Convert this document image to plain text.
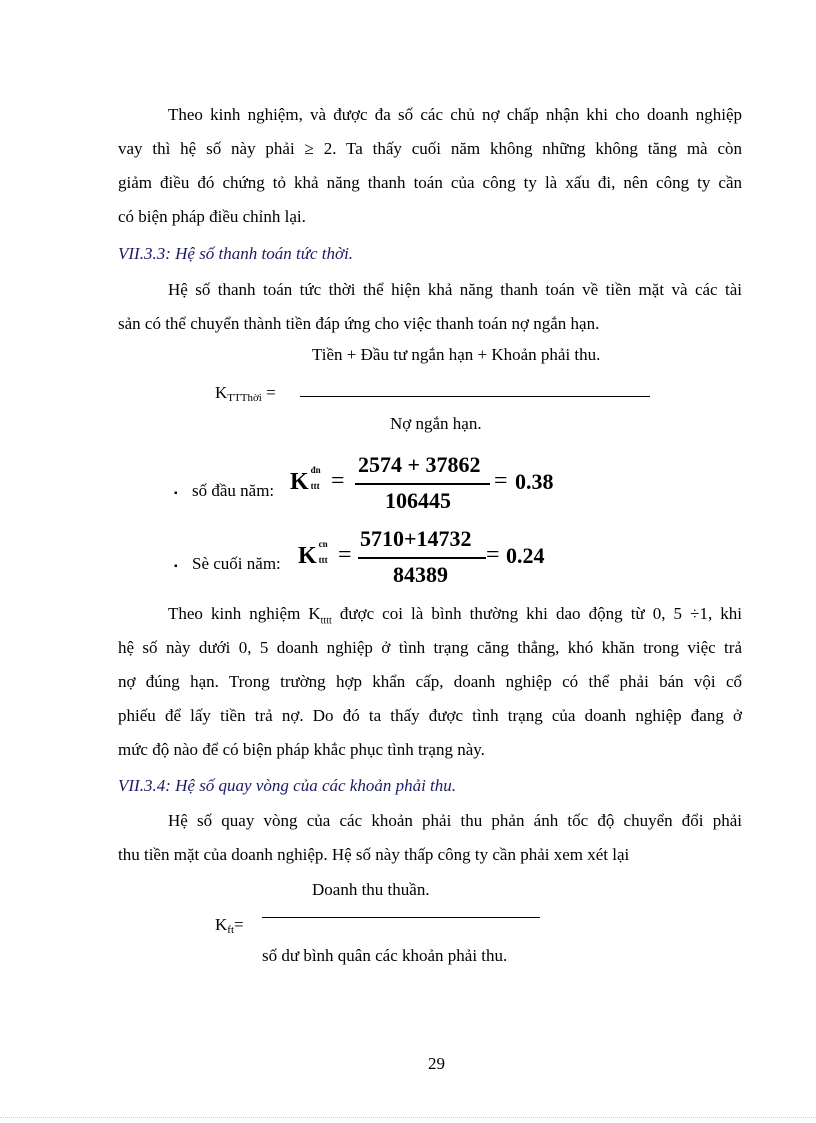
Theo kinh nghiệm, và được đa số các chủ nợ chấp nhận khi cho doanh nghiệp
vay thì hệ số này phải ≥ 2. Ta thấy cuối năm không những không tăng mà còn
giảm điều đó chứng tỏ khả năng thanh toán của công ty là xấu đi, nên công ty cần
có biện pháp điều chỉnh lại.
VII.3.3: Hệ số thanh toán tức thời.
Hệ số thanh toán tức thời thể hiện khả năng thanh toán về tiền mặt và các tài
sản có thể chuyển thành tiền đáp ứng cho việc thanh toán nợ ngắn hạn.
Tiền + Đầu tư ngắn hạn + Khoản phải thu.
$K_{TTThời}$ =
Nợ ngắn hạn.
▪ số đầu năm: K đn
ttt =
2574 + 37862
106445
= 0.38
▪ Sè cuối năm: K cn
ttt =
5710+14732
84389
= 0.24
Theo kinh nghiệm $K_{tttt}$ được coi là bình thường khi dao động từ 0, 5 ÷1, khi
hệ số này dưới 0, 5 doanh nghiệp ở tình trạng căng thẳng, khó khăn trong việc trả
nợ đúng hạn. Trong trường hợp khẩn cấp, doanh nghiệp có thể phải bán vội cổ
phiếu để lấy tiền trả nợ. Do đó ta thấy được tình trạng của doanh nghiệp đang ở
mức độ nào để có biện pháp khắc phục tình trạng này.
VII.3.4: Hệ số quay vòng của các khoản phải thu.
Hệ số quay vòng của các khoản phải thu phản ánh tốc độ chuyển đổi phải
thu tiền mặt của doanh nghiệp. Hệ số này thấp công ty cần phải xem xét lại
Doanh thu thuần.
$K_{ft}=$
số dư bình quân các khoản phải thu.
29
